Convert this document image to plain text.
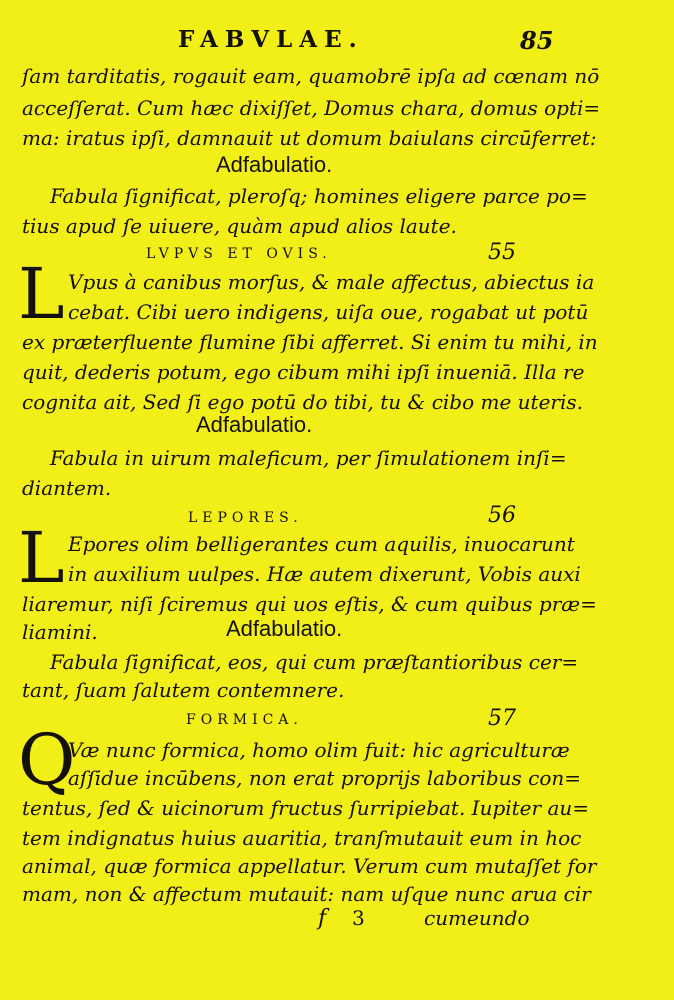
FABVLAE.	85
ſam tarditatis, rogauit eam, quamobrē ipſa ad cœnam nō
acceſſerat. Cum hæc dixiſſet, Domus chara, domus opti=
ma: iratus ipſi, damnauit ut domum baiulans circūferret:
Adfabulatio.
Fabula ſignificat, pleroſq; homines eligere parce po=
tius apud ſe uiuere, quàm apud alios laute.
LVPVS ET OVIS.	55
L Vpus à canibus morſus, & male affectus, abiectus ia
cebat. Cibi uero indigens, uiſa oue, rogabat ut potū
ex præterfluente flumine ſibi afferret. Si enim tu mihi, in
quit, dederis potum, ego cibum mihi ipſi inueniā. Illa re
cognita ait, Sed ſi ego potū do tibi, tu & cibo me uteris.
Adfabulatio.
Fabula in uirum maleficum, per ſimulationem inſi=
diantem.
LEPORES.	56
L Epores olim belligerantes cum aquilis, inuocarunt
in auxilium uulpes. Hæ autem dixerunt, Vobis auxi
liaremur, niſi ſciremus qui uos eſtis, & cum quibus præ=
liamini.	Adfabulatio.
Fabula ſignificat, eos, qui cum præſtantioribus cer=
tant, ſuam ſalutem contemnere.
FORMICA.	57
Q
Væ nunc formica, homo olim fuit: hic agriculturæ
aſſidue incūbens, non erat proprijs laboribus con=
tentus, ſed & uicinorum fructus ſurripiebat. Iupiter au=
tem indignatus huius auaritia, tranſmutauit eum in hoc
animal, quæ formica appellatur. Verum cum mutaſſet for
mam, non & affectum mutauit: nam uſque nunc arua cir
f 3	cumeundo
